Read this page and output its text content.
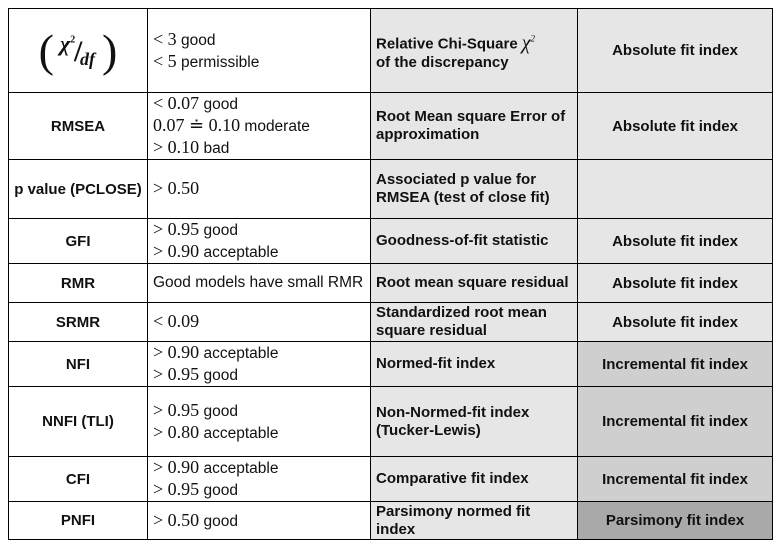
( $\chi^2$
/
df )	< 3 good
< 5 permissible	Relative Chi-Square $\chi^2$
of the discrepancy	Absolute fit index
RMSEA	< 0.07 good
0.07 ≐ 0.10 moderate
> 0.10 bad	Root Mean square Error of approximation	Absolute fit index
p value (PCLOSE)	> 0.50	Associated p value for RMSEA (test of close fit)	
GFI	> 0.95 good
> 0.90 acceptable	Goodness-of-fit statistic	Absolute fit index
RMR	Good models have small RMR	Root mean square residual	Absolute fit index
SRMR	< 0.09	Standardized root mean square residual	Absolute fit index
NFI	> 0.90 acceptable
> 0.95 good	Normed-fit index	Incremental fit index
NNFI (TLI)	> 0.95 good
> 0.80 acceptable	Non-Normed-fit index (Tucker-Lewis)	Incremental fit index
CFI	> 0.90 acceptable
> 0.95 good	Comparative fit index	Incremental fit index
PNFI	> 0.50 good	Parsimony normed fit index	Parsimony fit index
